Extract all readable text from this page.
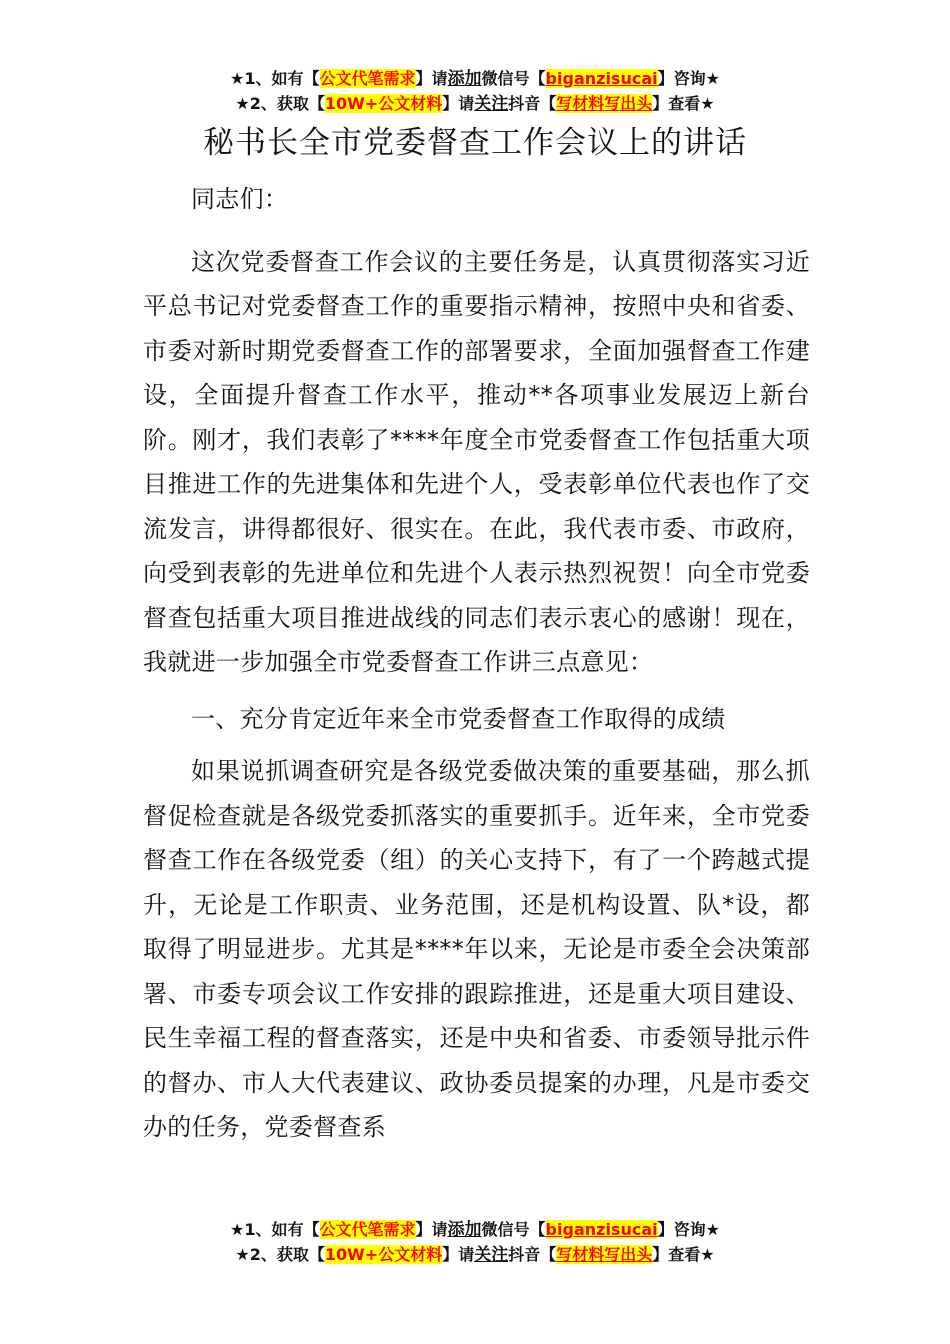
★1、如有【公文代笔需求】请添加微信号【biganzisucai】咨询★
★2、获取【10W+公文材料】请关注抖音【写材料写出头】查看★
秘书长全市党委督查工作会议上的讲话

同志们：

这次党委督查工作会议的主要任务是，认真贯彻落实习近平总书记对党委督查工作的重要指示精神，按照中央和省委、市委对新时期党委督查工作的部署要求，全面加强督查工作建设，全面提升督查工作水平，推动**各项事业发展迈上新台阶。刚才，我们表彰了****年度全市党委督查工作包括重大项目推进工作的先进集体和先进个人，受表彰单位代表也作了交流发言，讲得都很好、很实在。在此，我代表市委、市政府，向受到表彰的先进单位和先进个人表示热烈祝贺！向全市党委督查包括重大项目推进战线的同志们表示衷心的感谢！现在，我就进一步加强全市党委督查工作讲三点意见：

一、充分肯定近年来全市党委督查工作取得的成绩

如果说抓调查研究是各级党委做决策的重要基础，那么抓督促检查就是各级党委抓落实的重要抓手。近年来，全市党委督查工作在各级党委（组）的关心支持下，有了一个跨越式提升，无论是工作职责、业务范围，还是机构设置、队*设，都取得了明显进步。尤其是****年以来，无论是市委全会决策部署、市委专项会议工作安排的跟踪推进，还是重大项目建设、民生幸福工程的督查落实，还是中央和省委、市委领导批示件的督办、市人大代表建议、政协委员提案的办理，凡是市委交办的任务，党委督查系

★1、如有【公文代笔需求】请添加微信号【biganzisucai】咨询★
★2、获取【10W+公文材料】请关注抖音【写材料写出头】查看★
